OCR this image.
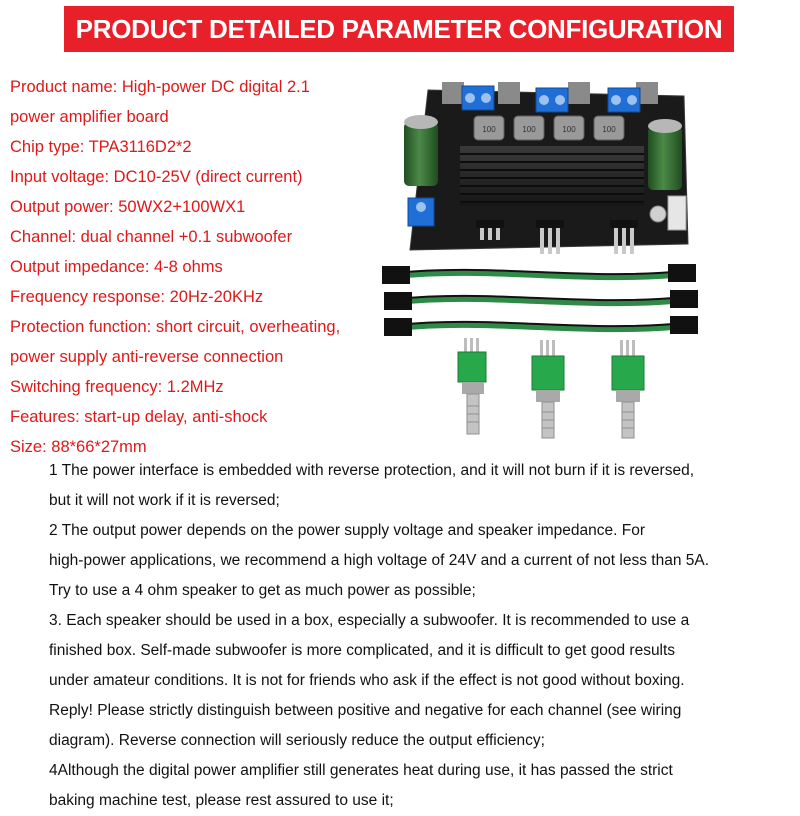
PRODUCT DETAILED PARAMETER CONFIGURATION
Product name: High-power DC digital 2.1
power amplifier board
Chip type: TPA3116D2*2
Input voltage: DC10-25V (direct current)
Output power: 50WX2+100WX1
Channel: dual channel +0.1 subwoofer
Output impedance: 4-8 ohms
Frequency response: 20Hz-20KHz
Protection function: short circuit, overheating,
power supply anti-reverse connection
Switching frequency: 1.2MHz
Features: start-up delay, anti-shock
Size: 88*66*27mm
100	100	100	100
1 The power interface is embedded with reverse protection, and it will not burn if it is reversed,
but it will not work if it is reversed;
2 The output power depends on the power supply voltage and speaker impedance. For
high-power applications, we recommend a high voltage of 24V and a current of not less than 5A.
Try to use a 4 ohm speaker to get as much power as possible;
3. Each speaker should be used in a box, especially a subwoofer. It is recommended to use a
finished box. Self-made subwoofer is more complicated, and it is difficult to get good results
under amateur conditions. It is not for friends who ask if the effect is not good without boxing.
Reply! Please strictly distinguish between positive and negative for each channel (see wiring
diagram). Reverse connection will seriously reduce the output efficiency;
4Although the digital power amplifier still generates heat during use, it has passed the strict
baking machine test, please rest assured to use it;
